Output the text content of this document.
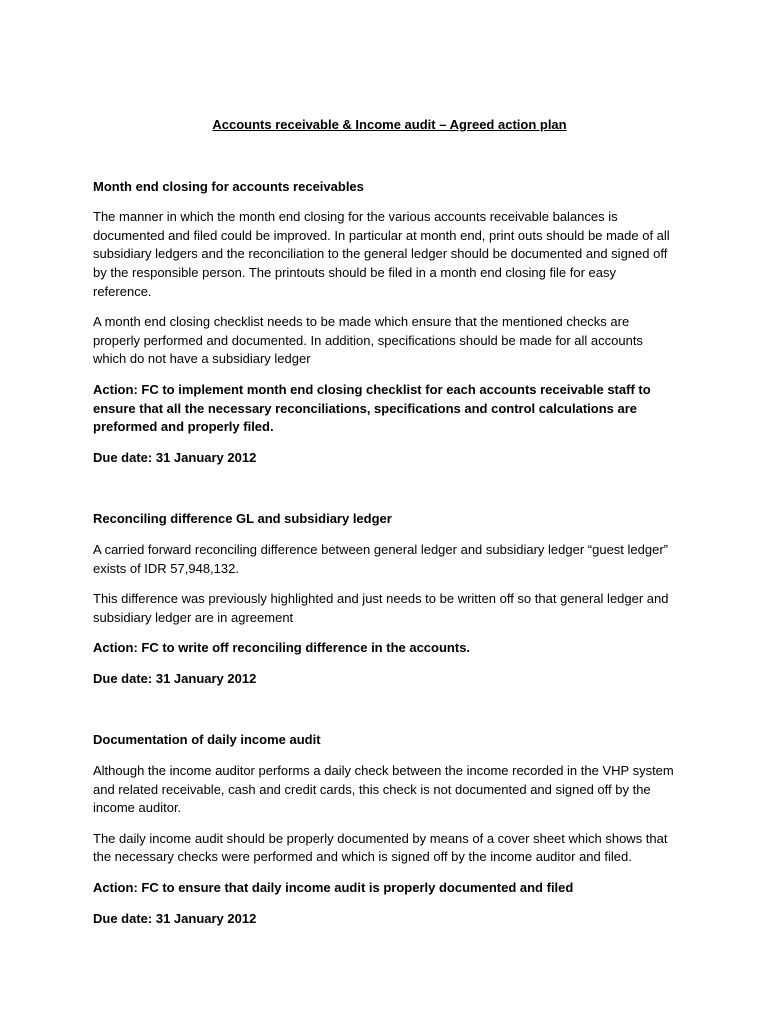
Accounts receivable & Income audit – Agreed action plan

Month end closing for accounts receivables

The manner in which the month end closing for the various accounts receivable balances is documented and filed could be improved. In particular at month end, print outs should be made of all subsidiary ledgers and the reconciliation to the general ledger should be documented and signed off by the responsible person. The printouts should be filed in a month end closing file for easy reference.

A month end closing checklist needs to be made which ensure that the mentioned checks are properly performed and documented. In addition, specifications should be made for all accounts which do not have a subsidiary ledger

Action: FC to implement month end closing checklist for each accounts receivable staff to ensure that all the necessary reconciliations, specifications and control calculations are preformed and properly filed.

Due date: 31 January 2012

Reconciling difference GL and subsidiary ledger

A carried forward reconciling difference between general ledger and subsidiary ledger “guest ledger” exists of IDR 57,948,132.

This difference was previously highlighted and just needs to be written off so that general ledger and subsidiary ledger are in agreement

Action: FC to write off reconciling difference in the accounts.

Due date: 31 January 2012

Documentation of daily income audit

Although the income auditor performs a daily check between the income recorded in the VHP system and related receivable, cash and credit cards, this check is not documented and signed off by the income auditor.

The daily income audit should be properly documented by means of a cover sheet which shows that the necessary checks were performed and which is signed off by the income auditor and filed.

Action: FC to ensure that daily income audit is properly documented and filed

Due date: 31 January 2012
